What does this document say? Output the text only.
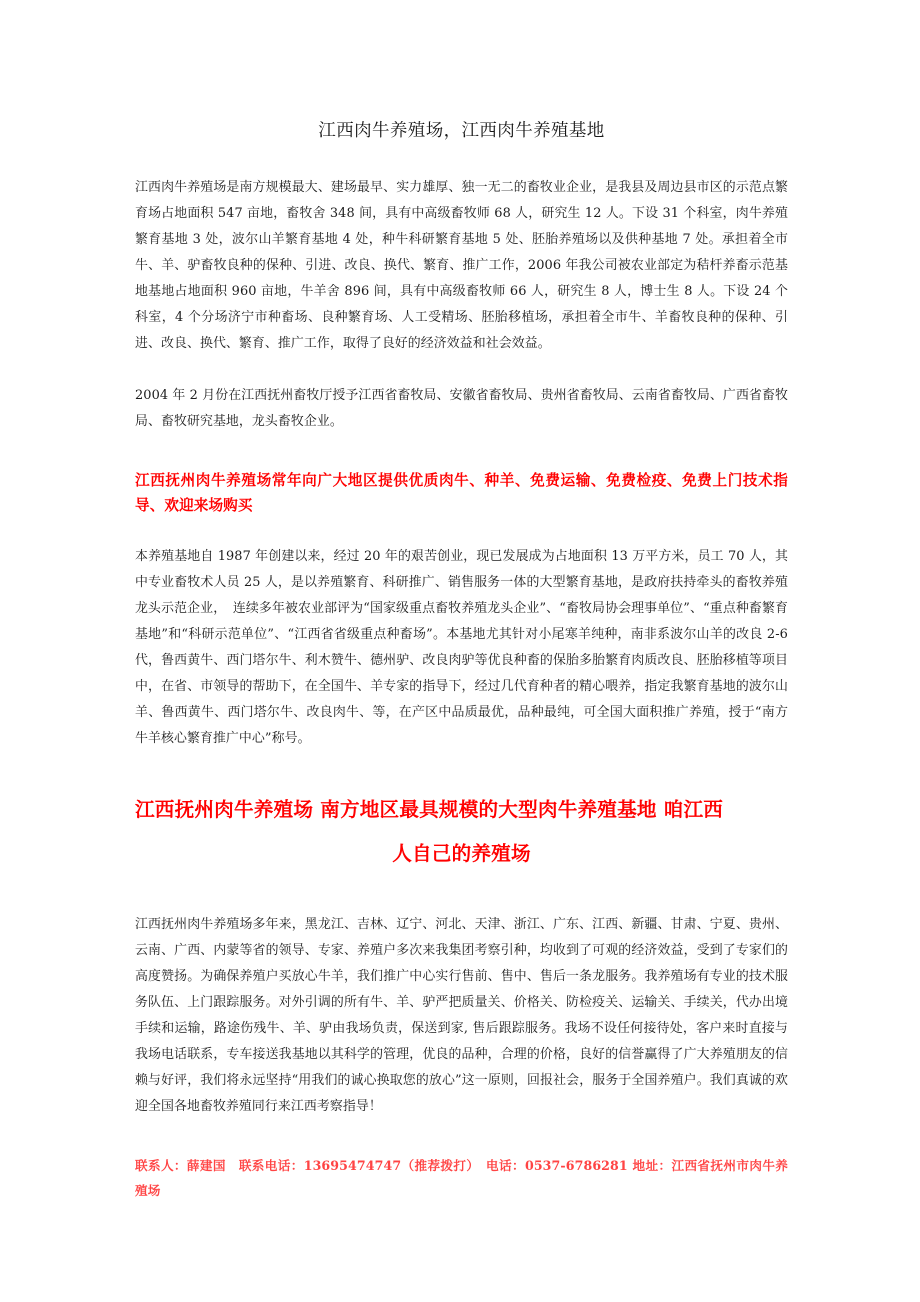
江西肉牛养殖场，江西肉牛养殖基地

江西肉牛养殖场是南方规模最大、建场最早、实力雄厚、独一无二的畜牧业企业，是我县及周边县市区的示范点繁育场占地面积 547 亩地，畜牧舍 348 间，具有中高级畜牧师 68 人，研究生 12 人。下设 31 个科室，肉牛养殖繁育基地 3 处，波尔山羊繁育基地 4 处，种牛科研繁育基地 5 处、胚胎养殖场以及供种基地 7 处。承担着全市牛、羊、驴畜牧良种的保种、引进、改良、换代、繁育、推广工作，2006 年我公司被农业部定为秸杆养畜示范基地基地占地面积 960 亩地，牛羊舍 896 间，具有中高级畜牧师 66 人，研究生 8 人，博士生 8 人。下设 24 个科室，4 个分场济宁市种畜场、良种繁育场、人工受精场、胚胎移植场，承担着全市牛、羊畜牧良种的保种、引进、改良、换代、繁育、推广工作，取得了良好的经济效益和社会效益。

2004 年 2 月份在江西抚州畜牧厅授予江西省畜牧局、安徽省畜牧局、贵州省畜牧局、云南省畜牧局、广西省畜牧局、畜牧研究基地，龙头畜牧企业。

江西抚州肉牛养殖场常年向广大地区提供优质肉牛、种羊、免费运输、免费检疫、免费上门技术指导、欢迎来场购买

本养殖基地自 1987 年创建以来，经过 20 年的艰苦创业，现已发展成为占地面积 13 万平方米，员工 70 人，其中专业畜牧术人员 25 人，是以养殖繁育、科研推广、销售服务一体的大型繁育基地，是政府扶持牵头的畜牧养殖龙头示范企业，　连续多年被农业部评为“国家级重点畜牧养殖龙头企业”、“畜牧局协会理事单位”、“重点种畜繁育基地”和“科研示范单位”、“江西省省级重点种畜场”。本基地尤其针对小尾寒羊纯种，南非系波尔山羊的改良 2-6 代，鲁西黄牛、西门塔尔牛、利木赞牛、德州驴、改良肉驴等优良种畜的保胎多胎繁育肉质改良、胚胎移植等项目中，在省、市领导的帮助下，在全国牛、羊专家的指导下，经过几代育种者的精心喂养，指定我繁育基地的波尔山羊、鲁西黄牛、西门塔尔牛、改良肉牛、等，在产区中品质最优，品种最纯，可全国大面积推广养殖，授于“南方牛羊核心繁育推广中心”称号。

江西抚州肉牛养殖场 南方地区最具规模的大型肉牛养殖基地 咱江西
人自己的养殖场

江西抚州肉牛养殖场多年来，黑龙江、吉林、辽宁、河北、天津、浙江、广东、江西、新疆、甘肃、宁夏、贵州、云南、广西、内蒙等省的领导、专家、养殖户多次来我集团考察引种，均收到了可观的经济效益，受到了专家们的高度赞扬。为确保养殖户买放心牛羊，我们推广中心实行售前、售中、售后一条龙服务。我养殖场有专业的技术服务队伍、上门跟踪服务。对外引调的所有牛、羊、驴严把质量关、价格关、防检疫关、运输关、手续关，代办出境手续和运输，路途伤残牛、羊、驴由我场负责，保送到家, 售后跟踪服务。我场不设任何接待处，客户来时直接与我场电话联系，专车接送我基地以其科学的管理，优良的品种，合理的价格，良好的信誉赢得了广大养殖朋友的信赖与好评，我们将永远坚持“用我们的诚心换取您的放心”这一原则，回报社会，服务于全国养殖户。我们真诚的欢迎全国各地畜牧养殖同行来江西考察指导！

联系人：薛建国　联系电话：13695474747（推荐拨打）　电话：0537-6786281 地址：江西省抚州市肉牛养殖场
